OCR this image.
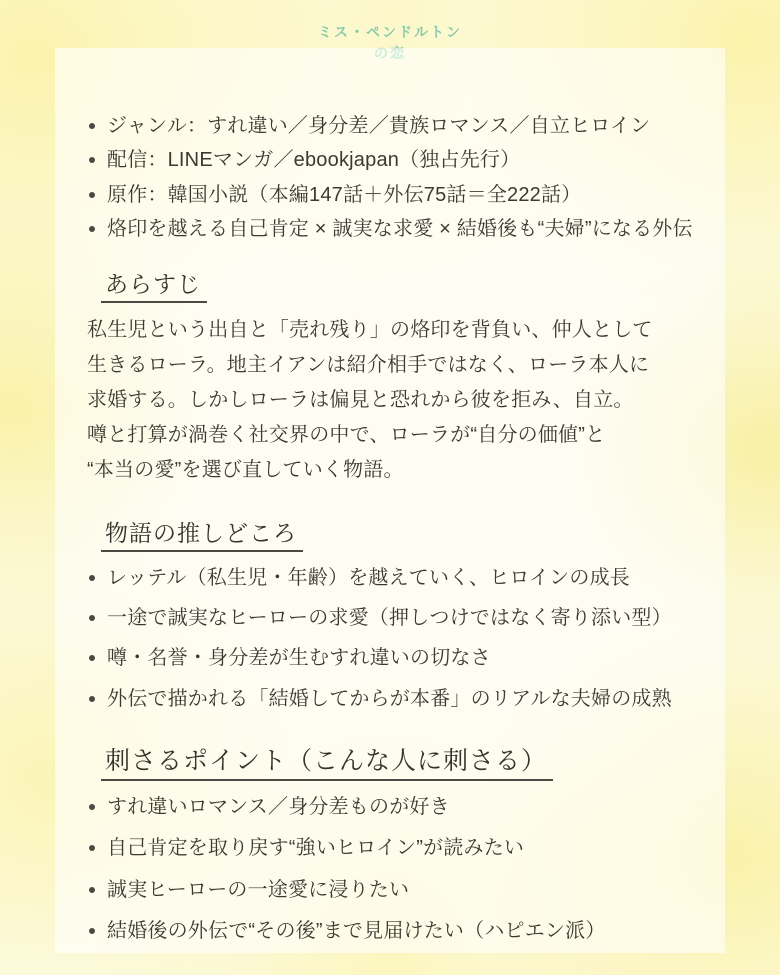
ミス・ペンドルトン
ジャンル：すれ違い／身分差／貴族ロマンス／自立ヒロイン
配信：LINEマンガ／ebookjapan（独占先行）
原作：韓国小説（本編147話＋外伝75話＝全222話）
烙印を越える自己肯定 × 誠実な求愛 × 結婚後も“夫婦”になる外伝
あらすじ

私生児という出自と「売れ残り」の烙印を背負い、仲人として

生きるローラ。地主イアンは紹介相手ではなく、ローラ本人に

求婚する。しかしローラは偏見と恐れから彼を拒み、自立。

噂と打算が渦巻く社交界の中で、ローラが“自分の価値”と

“本当の愛”を選び直していく物語。

物語の推しどころ
レッテル（私生児・年齢）を越えていく、ヒロインの成長
一途で誠実なヒーローの求愛（押しつけではなく寄り添い型）
噂・名誉・身分差が生むすれ違いの切なさ
外伝で描かれる「結婚してからが本番」のリアルな夫婦の成熟
刺さるポイント（こんな人に刺さる）
すれ違いロマンス／身分差ものが好き
自己肯定を取り戻す“強いヒロイン”が読みたい
誠実ヒーローの一途愛に浸りたい
結婚後の外伝で“その後”まで見届けたい（ハピエン派）
